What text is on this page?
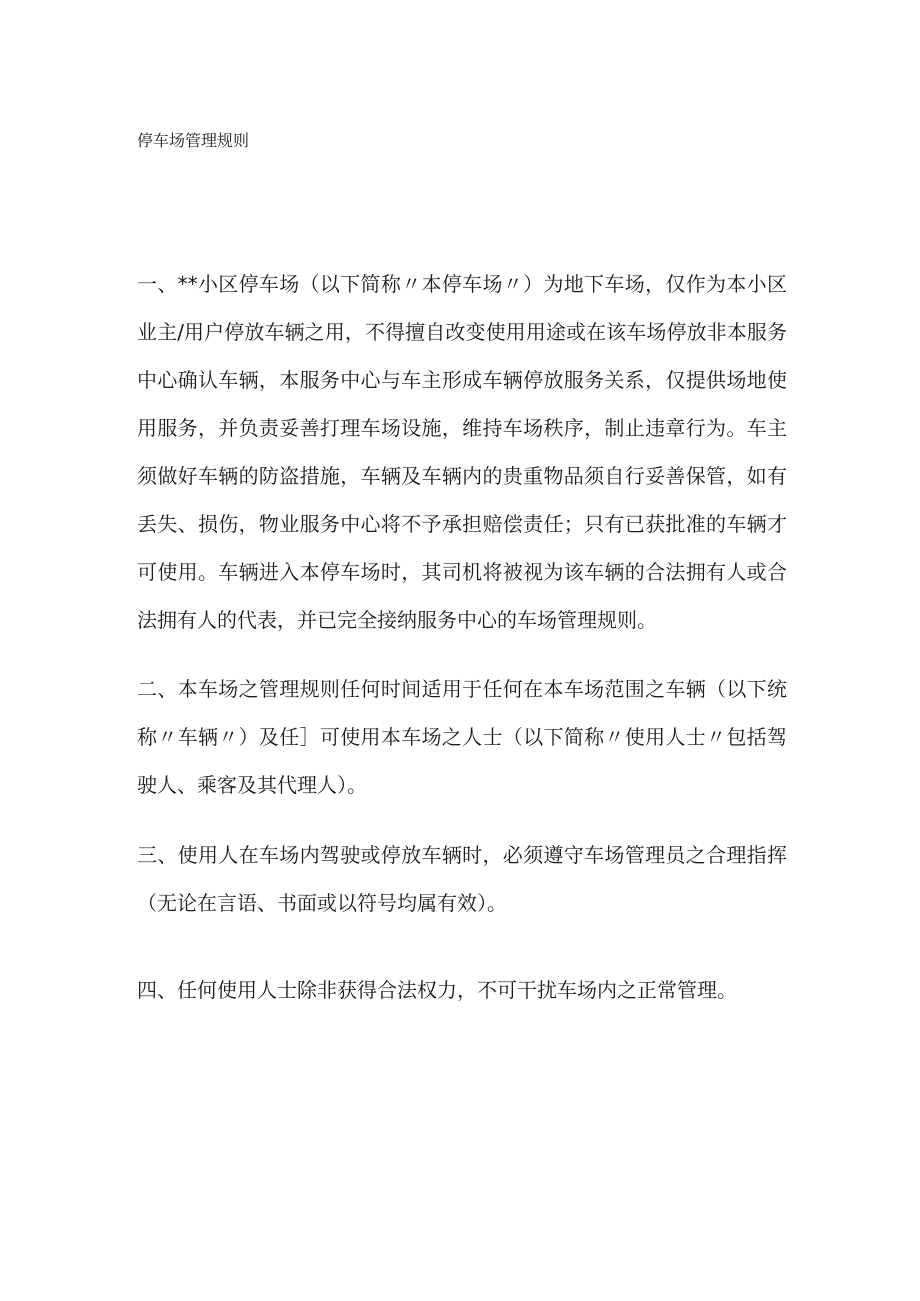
停车场管理规则

一、**小区停车场（以下简称〃本停车场〃）为地下车场，仅作为本小区业主/用户停放车辆之用，不得擅自改变使用用途或在该车场停放非本服务中心确认车辆，本服务中心与车主形成车辆停放服务关系，仅提供场地使用服务，并负责妥善打理车场设施，维持车场秩序，制止违章行为。车主须做好车辆的防盗措施，车辆及车辆内的贵重物品须自行妥善保管，如有丢失、损伤，物业服务中心将不予承担赔偿责任；只有已获批准的车辆才可使用。车辆进入本停车场时，其司机将被视为该车辆的合法拥有人或合法拥有人的代表，并已完全接纳服务中心的车场管理规则。

二、本车场之管理规则任何时间适用于任何在本车场范围之车辆（以下统称〃车辆〃）及任］可使用本车场之人士（以下简称〃使用人士〃包括驾驶人、乘客及其代理人）。

三、使用人在车场内驾驶或停放车辆时，必须遵守车场管理员之合理指挥（无论在言语、书面或以符号均属有效）。

四、任何使用人士除非获得合法权力，不可干扰车场内之正常管理。
